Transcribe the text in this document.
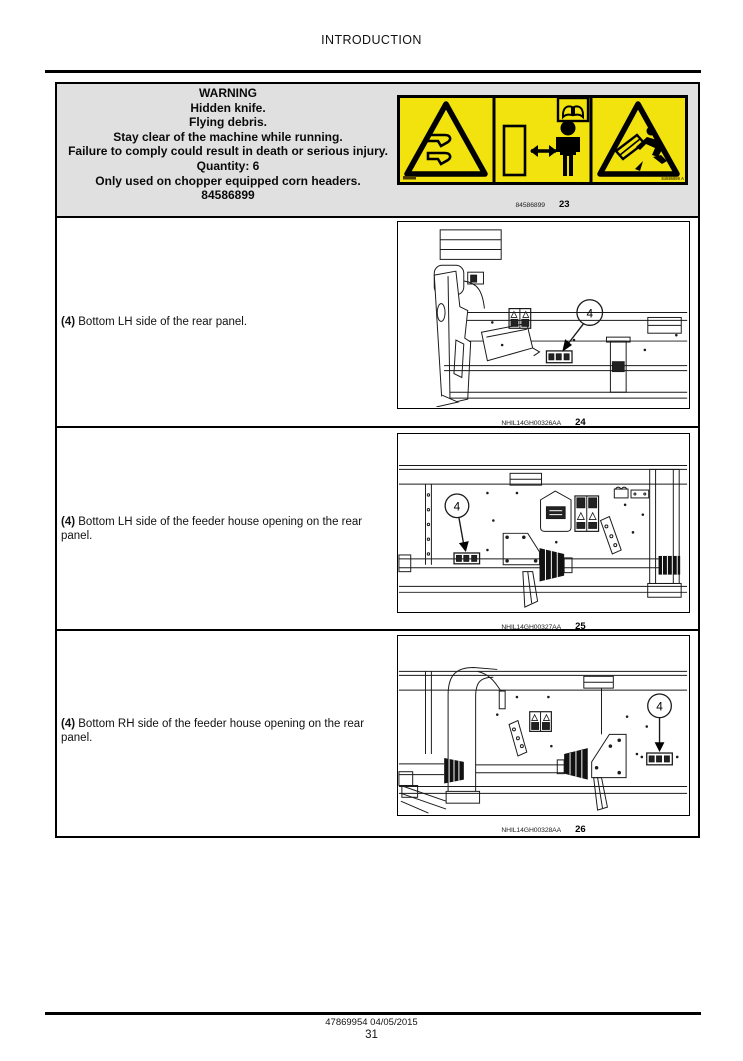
INTRODUCTION
WARNING
Hidden knife.
Flying debris.
Stay clear of the machine while running.
Failure to comply could result in death or serious injury.
Quantity: 6
Only used on chopper equipped corn headers.
84586899
84586899 A
84586899 23
(4) Bottom LH side of the rear panel.
4
NHIL14GH00326AA 24
(4) Bottom LH side of the feeder house opening on the rear panel.
4
NHIL14GH00327AA 25
(4) Bottom RH side of the feeder house opening on the rear panel.
4
NHIL14GH00328AA 26
47869954 04/05/2015
31
